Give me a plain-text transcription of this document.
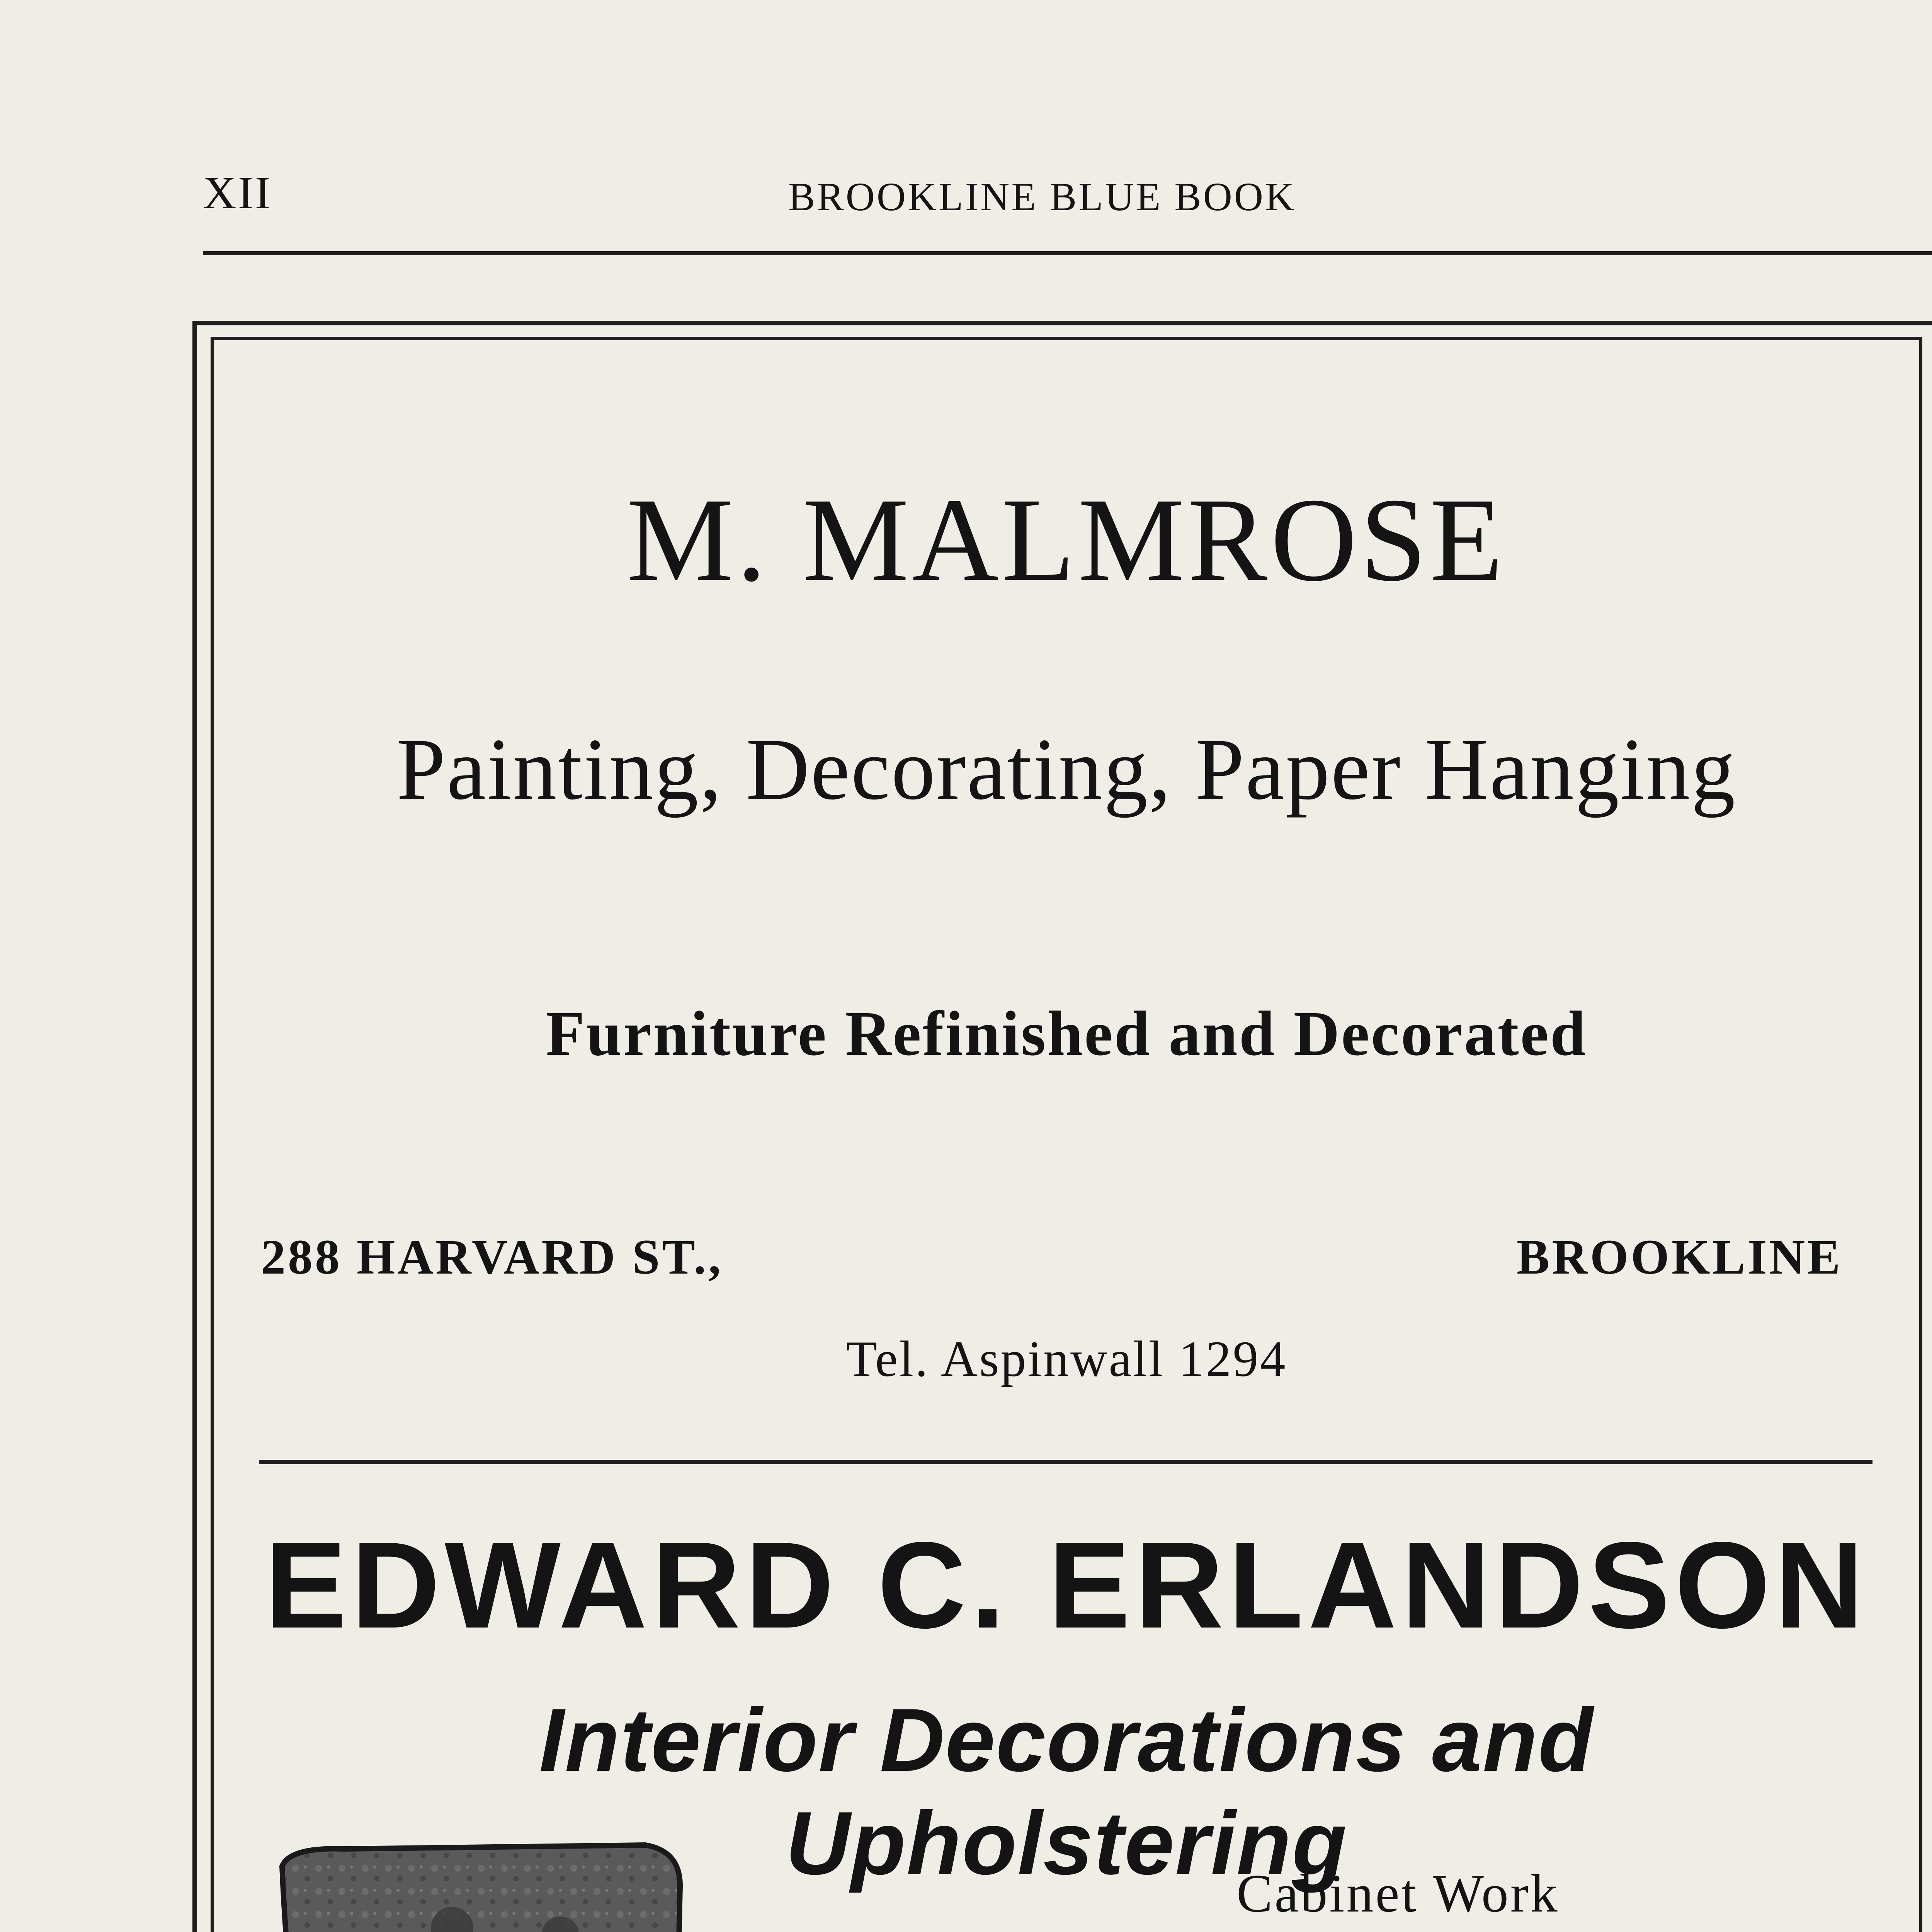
XII	BROOKLINE BLUE BOOK
M. MALMROSE
Painting, Decorating, Paper Hanging
Furniture Refinished and Decorated
288 HARVARD ST.,	BROOKLINE
Tel. Aspinwall 1294
EDWARD C. ERLANDSON
Interior Decorations and Upholstering
Cabinet Work
